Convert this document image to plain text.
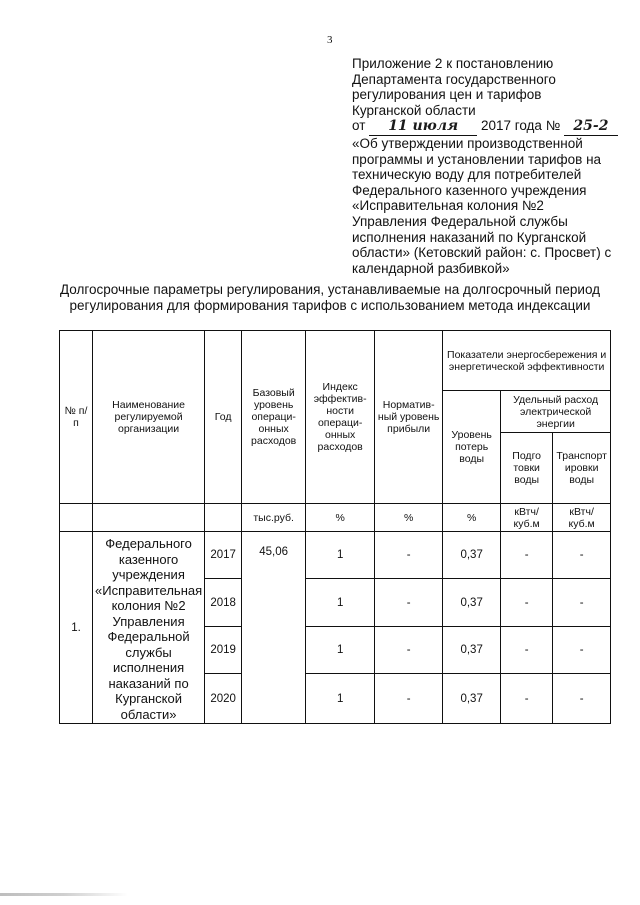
3
Приложение 2 к постановлению
Департамента государственного
регулирования цен и тарифов
Курганской области
от 11 июля 2017 года № 25-2
«Об утверждении производственной
программы и установлении тарифов на
техническую воду для потребителей
Федерального казенного учреждения
«Исправительная колония №2
Управления Федеральной службы
исполнения наказаний по Курганской
области» (Кетовский район: с. Просвет) с
календарной разбивкой»
Долгосрочные параметры регулирования, устанавливаемые на долгосрочный период
регулирования для формирования тарифов с использованием метода индексации
№ п/п	Наименование регулируемой организации	Год	Базовый уровень операци-онных расходов	Индекс эффектив-ности операци-онных расходов	Норматив-ный уровень прибыли	Показатели энергосбережения и энергетической эффективности		
						Уровень потерь воды	Удельный расход электрической энергии	
							Подго товки воды	Транспорт ировки воды
			тыс.руб.	%	%	%	кВтч/ куб.м	кВтч/ куб.м
1.	Федерального казенного учреждения «Исправительная колония №2 Управления Федеральной службы исполнения наказаний по Курганской области»	2017	45,06	1	-	0,37	-	-
		2018		1	-	0,37	-	-
		2019		1	-	0,37	-	-
		2020		1	-	0,37	-	-
